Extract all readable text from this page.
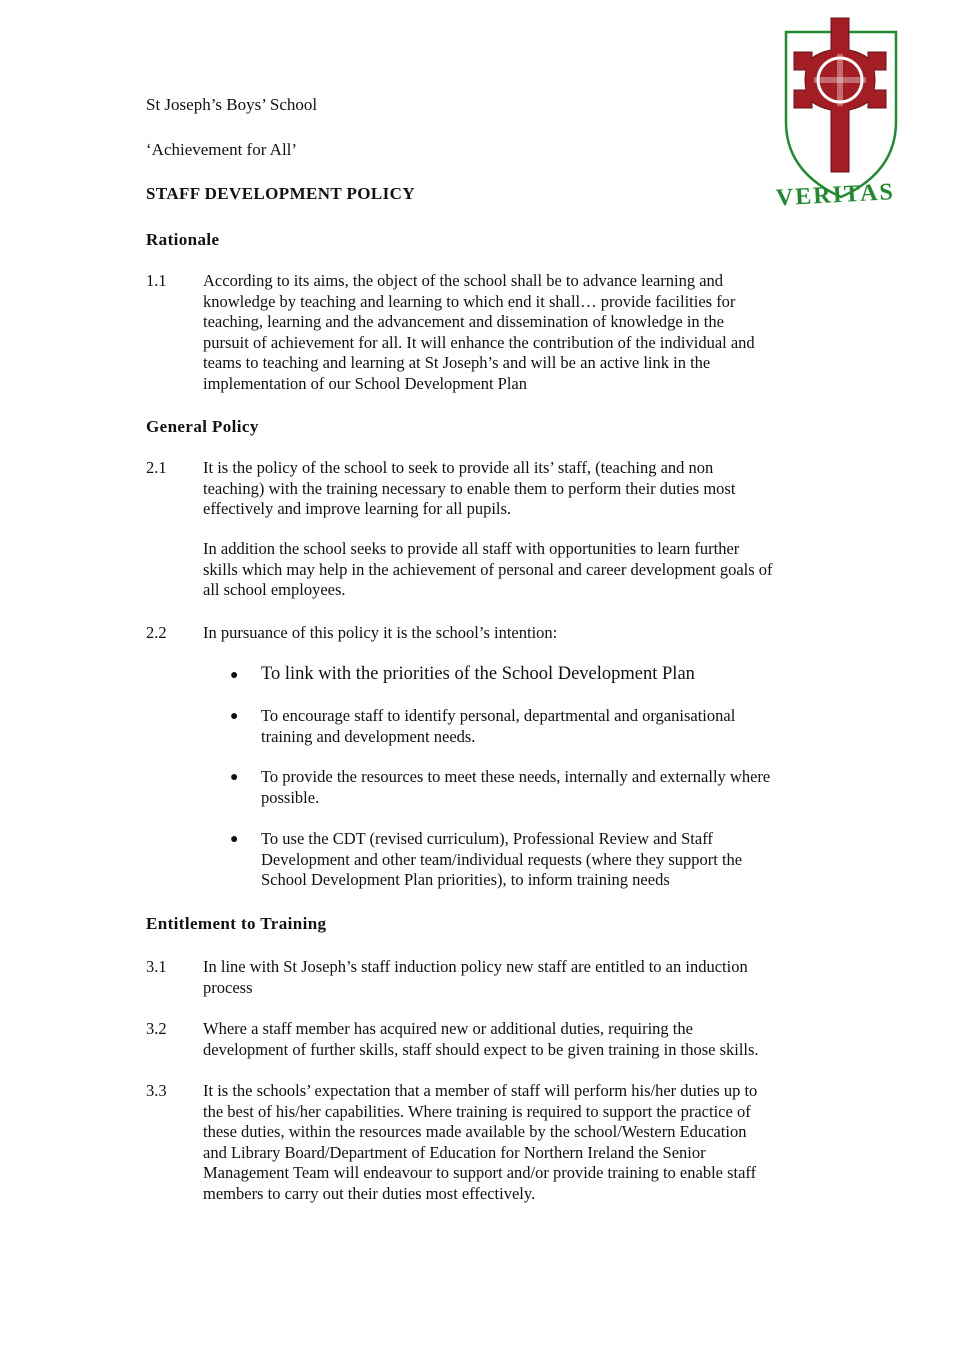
VERITAS
St Joseph’s Boys’ School
‘Achievement for All’
STAFF DEVELOPMENT POLICY
Rationale
1.1 According to its aims, the object of the school shall be to advance learning and
knowledge by teaching and learning to which end it shall… provide facilities for
teaching, learning and the advancement and dissemination of knowledge in the
pursuit of achievement for all. It will enhance the contribution of the individual and
teams to teaching and learning at St Joseph’s and will be an active link in the
implementation of our School Development Plan
General Policy
2.1 It is the policy of the school to seek to provide all its’ staff, (teaching and non
teaching) with the training necessary to enable them to perform their duties most
effectively and improve learning for all pupils.
In addition the school seeks to provide all staff with opportunities to learn further
skills which may help in the achievement of personal and career development goals of
all school employees.
2.2 In pursuance of this policy it is the school’s intention:
● To link with the priorities of the School Development Plan
● To encourage staff to identify personal, departmental and organisational
training and development needs.
● To provide the resources to meet these needs, internally and externally where
possible.
● To use the CDT (revised curriculum), Professional Review and Staff
Development and other team/individual requests (where they support the
School Development Plan priorities), to inform training needs
Entitlement to Training
3.1 In line with St Joseph’s staff induction policy new staff are entitled to an induction
process
3.2 Where a staff member has acquired new or additional duties, requiring the
development of further skills, staff should expect to be given training in those skills.
3.3 It is the schools’ expectation that a member of staff will perform his/her duties up to
the best of his/her capabilities. Where training is required to support the practice of
these duties, within the resources made available by the school/Western Education
and Library Board/Department of Education for Northern Ireland the Senior
Management Team will endeavour to support and/or provide training to enable staff
members to carry out their duties most effectively.
